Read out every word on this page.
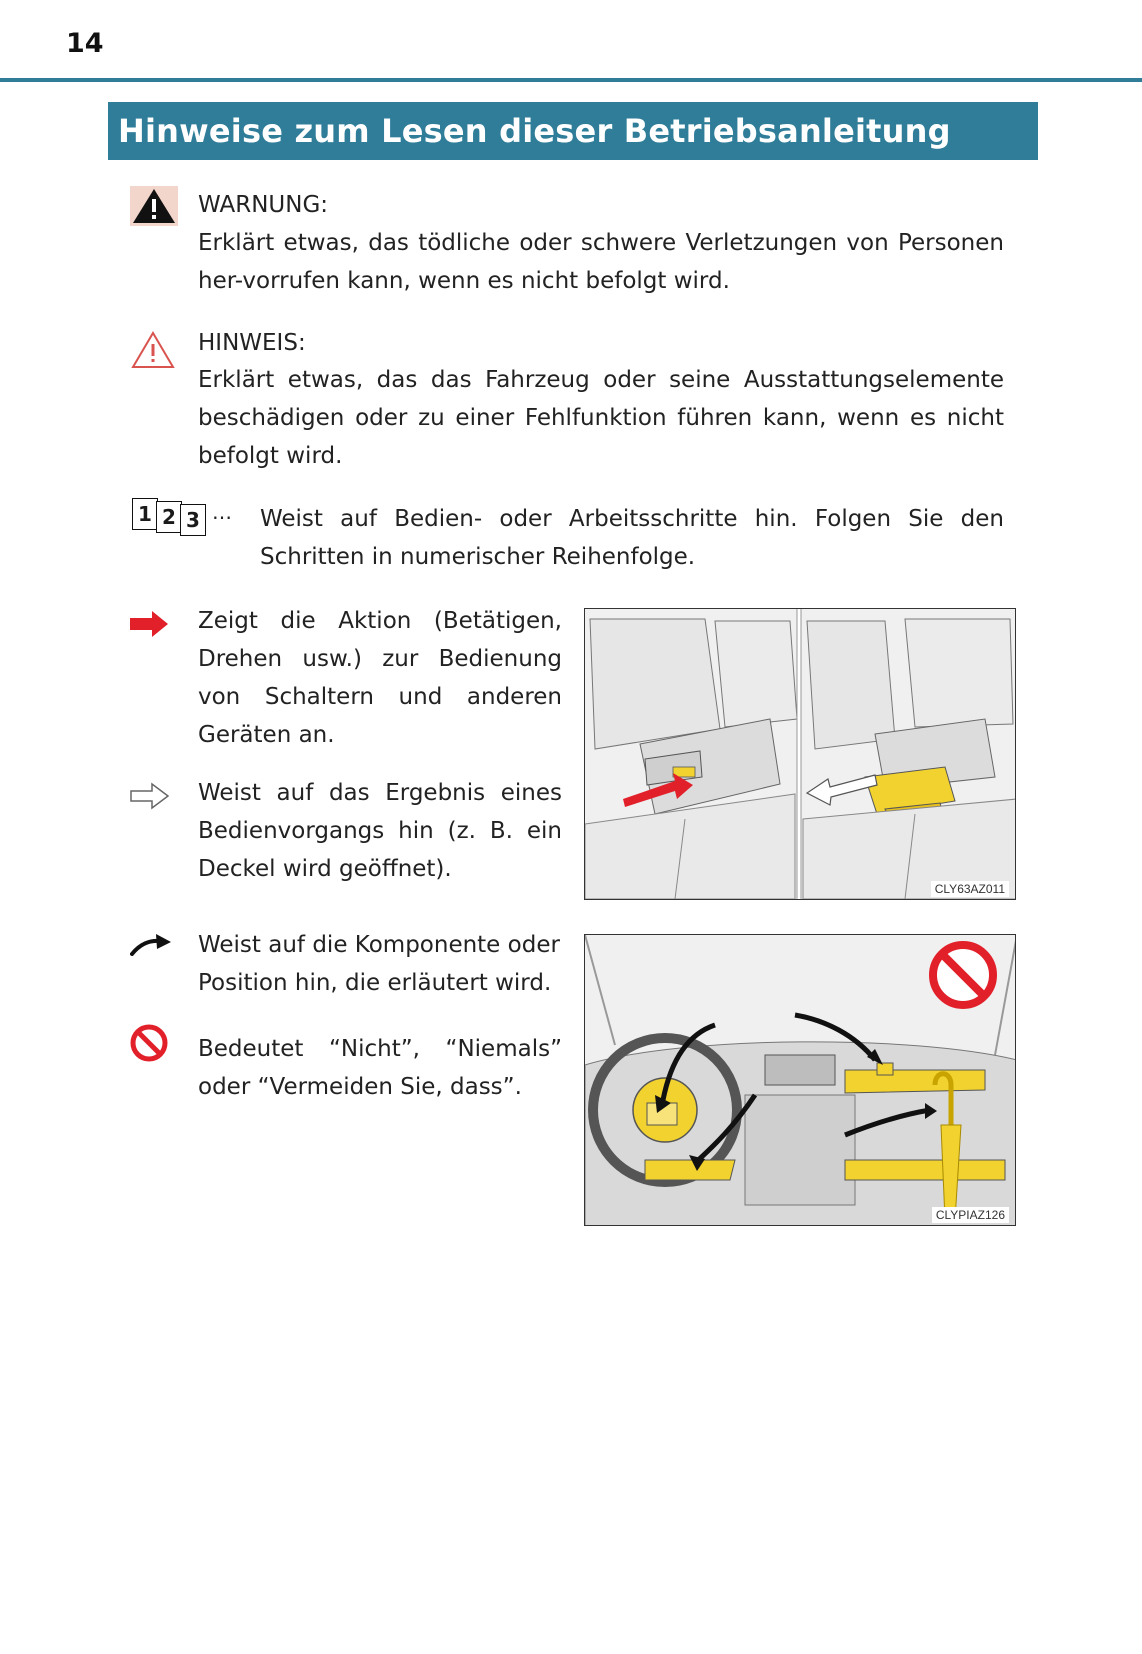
14
Hinweise zum Lesen dieser Betriebsanleitung
WARNUNG:
Erklärt etwas, das tödliche oder schwere Verletzungen von Personen her-vorrufen kann, wenn es nicht befolgt wird.
HINWEIS:
Erklärt etwas, das das Fahrzeug oder seine Ausstattungselemente beschädigen oder zu einer Fehlfunktion führen kann, wenn es nicht befolgt wird.
1 2 3 … Weist auf Bedien- oder Arbeitsschritte hin. Folgen Sie den Schritten in numerischer Reihenfolge.
Zeigt die Aktion (Betätigen, Drehen usw.) zur Bedienung von Schaltern und anderen Geräten an.
Weist auf das Ergebnis eines Bedienvorgangs hin (z. B. ein Deckel wird geöffnet).
Weist auf die Komponente oder Position hin, die erläutert wird.
Bedeutet “Nicht”, “Niemals” oder “Vermeiden Sie, dass”.
CLY63AZ011
CLYPIAZ126
